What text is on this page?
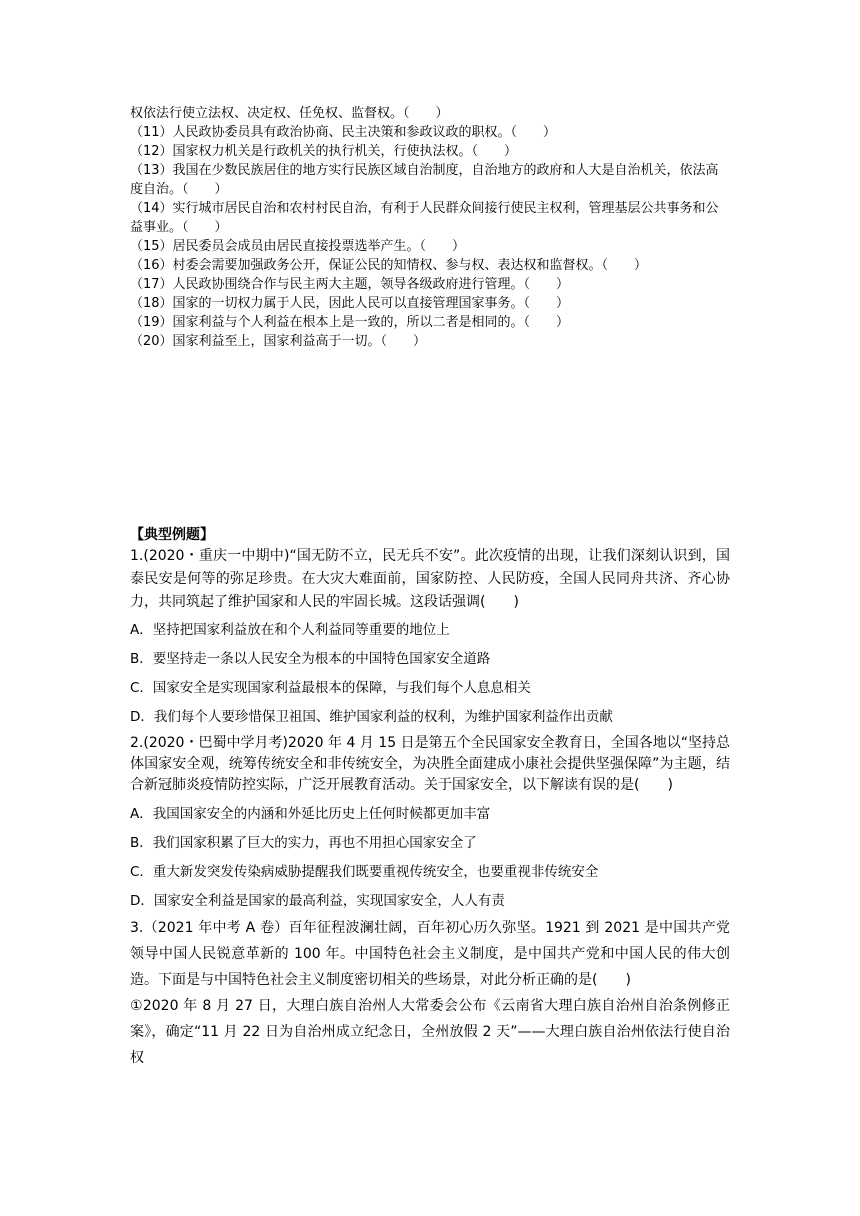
权依法行使立法权、决定权、任免权、监督权。（　　）

（11）人民政协委员具有政治协商、民主决策和参政议政的职权。（　　）

（12）国家权力机关是行政机关的执行机关，行使执法权。（　　）

（13）我国在少数民族居住的地方实行民族区域自治制度，自治地方的政府和人大是自治机关，依法高度自治。（　　）

（14）实行城市居民自治和农村村民自治，有利于人民群众间接行使民主权利，管理基层公共事务和公益事业。（　　）

（15）居民委员会成员由居民直接投票选举产生。（　　）

（16）村委会需要加强政务公开，保证公民的知情权、参与权、表达权和监督权。（　　）

（17）人民政协围绕合作与民主两大主题，领导各级政府进行管理。（　　）

（18）国家的一切权力属于人民，因此人民可以直接管理国家事务。（　　）

（19）国家利益与个人利益在根本上是一致的，所以二者是相同的。（　　）

（20）国家利益至上，国家利益高于一切。（　　）

【典型例题】

1.(2020・重庆一中期中)“国无防不立，民无兵不安”。此次疫情的出现，让我们深刻认识到，国泰民安是何等的弥足珍贵。在大灾大难面前，国家防控、人民防疫，全国人民同舟共济、齐心协力，共同筑起了维护国家和人民的牢固长城。这段话强调(　　)

A．坚持把国家利益放在和个人利益同等重要的地位上

B．要坚持走一条以人民安全为根本的中国特色国家安全道路

C．国家安全是实现国家利益最根本的保障，与我们每个人息息相关

D．我们每个人要珍惜保卫祖国、维护国家利益的权利，为维护国家利益作出贡献

2.(2020・巴蜀中学月考)2020 年 4 月 15 日是第五个全民国家安全教育日，全国各地以“坚持总体国家安全观，统筹传统安全和非传统安全，为决胜全面建成小康社会提供坚强保障”为主题，结合新冠肺炎疫情防控实际，广泛开展教育活动。关于国家安全，以下解读有误的是(　　)

A．我国国家安全的内涵和外延比历史上任何时候都更加丰富

B．我们国家积累了巨大的实力，再也不用担心国家安全了

C．重大新发突发传染病威胁提醒我们既要重视传统安全，也要重视非传统安全

D．国家安全利益是国家的最高利益，实现国家安全，人人有责

3.（2021 年中考 A 卷）百年征程波澜壮阔，百年初心历久弥坚。1921 到 2021 是中国共产党领导中国人民锐意革新的 100 年。中国特色社会主义制度，是中国共产党和中国人民的伟大创造。下面是与中国特色社会主义制度密切相关的些场景，对此分析正确的是(　　)

①2020 年 8 月 27 日，大理白族自治州人大常委会公布《云南省大理白族自治州自治条例修正案》，确定“11 月 22 日为自治州成立纪念日，全州放假 2 天”——大理白族自治州依法行使自治权
